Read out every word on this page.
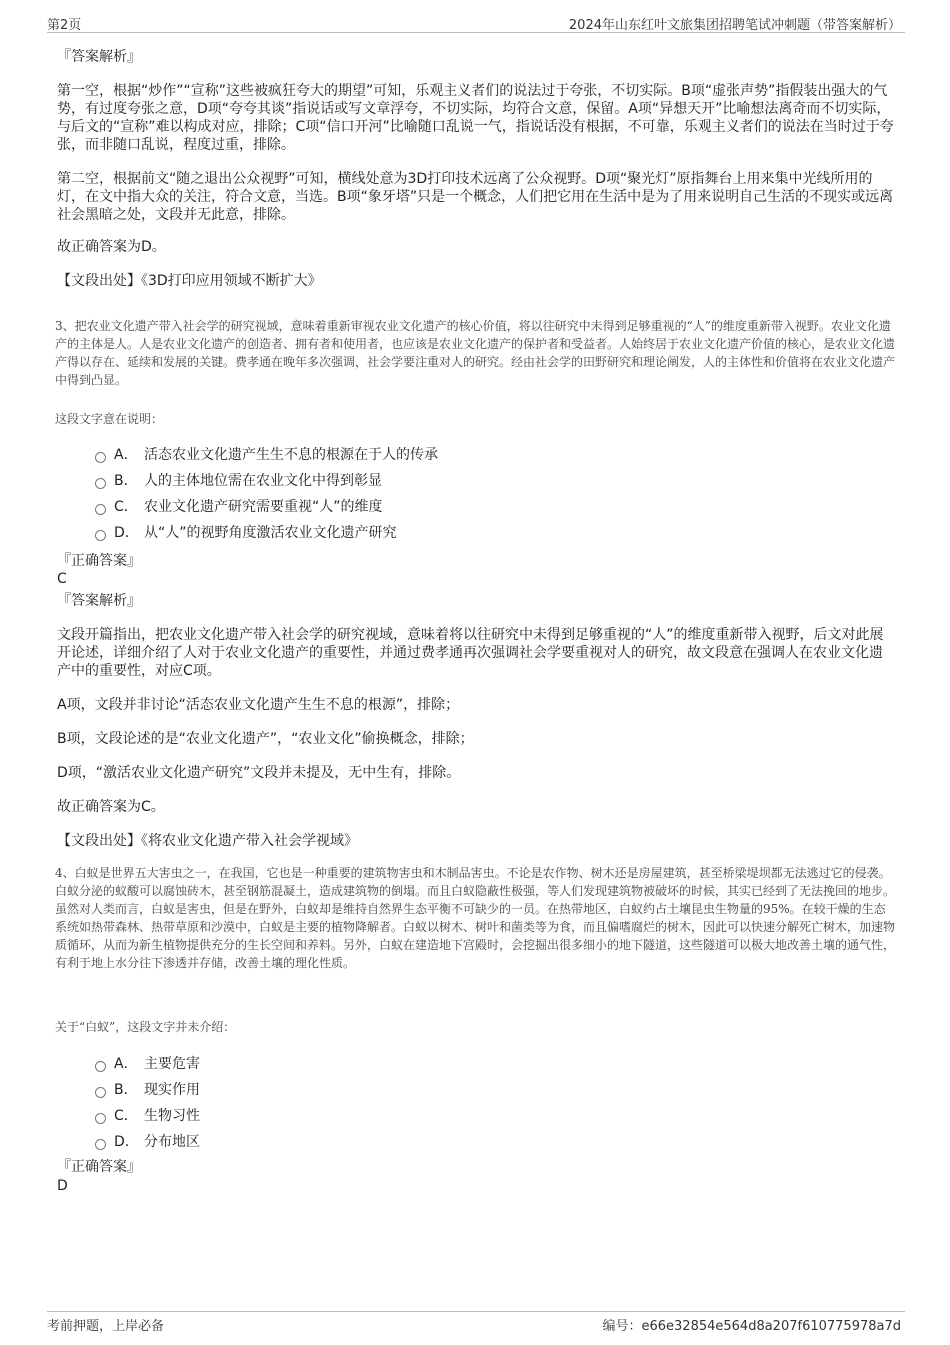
第2页	2024年山东红叶文旅集团招聘笔试冲刺题（带答案解析）

『答案解析』

第一空，根据“炒作”“宣称”这些被疯狂夸大的期望”可知，乐观主义者们的说法过于夸张，不切实际。B项“虚张声势”指假装出强大的气势，有过度夸张之意，D项“夸夸其谈”指说话或写文章浮夸，不切实际，均符合文意，保留。A项“异想天开”比喻想法离奇而不切实际，与后文的“宣称”难以构成对应，排除；C项“信口开河”比喻随口乱说一气，指说话没有根据，不可靠，乐观主义者们的说法在当时过于夸张，而非随口乱说，程度过重，排除。

第二空，根据前文“随之退出公众视野”可知，横线处意为3D打印技术远离了公众视野。D项“聚光灯”原指舞台上用来集中光线所用的灯，在文中指大众的关注，符合文意，当选。B项“象牙塔”只是一个概念，人们把它用在生活中是为了用来说明自己生活的不现实或远离社会黑暗之处，文段并无此意，排除。

故正确答案为D。

【文段出处】《3D打印应用领域不断扩大》

3、把农业文化遗产带入社会学的研究视域，意味着重新审视农业文化遗产的核心价值，将以往研究中未得到足够重视的“人”的维度重新带入视野。农业文化遗产的主体是人。人是农业文化遗产的创造者、拥有者和使用者，也应该是农业文化遗产的保护者和受益者。人始终居于农业文化遗产价值的核心，是农业文化遗产得以存在、延续和发展的关键。费孝通在晚年多次强调，社会学要注重对人的研究。经由社会学的田野研究和理论阐发，人的主体性和价值将在农业文化遗产中得到凸显。

这段文字意在说明：

A． 活态农业文化遗产生生不息的根源在于人的传承
B． 人的主体地位需在农业文化中得到彰显
C． 农业文化遗产研究需要重视“人”的维度
D． 从“人”的视野角度激活农业文化遗产研究
『正确答案』
C
『答案解析』

文段开篇指出，把农业文化遗产带入社会学的研究视域，意味着将以往研究中未得到足够重视的“人”的维度重新带入视野，后文对此展开论述，详细介绍了人对于农业文化遗产的重要性，并通过费孝通再次强调社会学要重视对人的研究，故文段意在强调人在农业文化遗产中的重要性，对应C项。

A项，文段并非讨论“活态农业文化遗产生生不息的根源”，排除；

B项，文段论述的是“农业文化遗产”，“农业文化”偷换概念，排除；

D项，“激活农业文化遗产研究”文段并未提及，无中生有，排除。

故正确答案为C。

【文段出处】《将农业文化遗产带入社会学视域》

4、白蚁是世界五大害虫之一，在我国，它也是一种重要的建筑物害虫和木制品害虫。不论是农作物、树木还是房屋建筑，甚至桥梁堤坝都无法逃过它的侵袭。白蚁分泌的蚁酸可以腐蚀砖木，甚至钢筋混凝土，造成建筑物的倒塌。而且白蚁隐蔽性极强，等人们发现建筑物被破坏的时候，其实已经到了无法挽回的地步。虽然对人类而言，白蚁是害虫，但是在野外，白蚁却是维持自然界生态平衡不可缺少的一员。在热带地区，白蚁约占土壤昆虫生物量的95%。在较干燥的生态系统如热带森林、热带草原和沙漠中，白蚁是主要的植物降解者。白蚁以树木、树叶和菌类等为食，而且偏嗜腐烂的树木，因此可以快速分解死亡树木，加速物质循环，从而为新生植物提供充分的生长空间和养料。另外，白蚁在建造地下宫殿时，会挖掘出很多细小的地下隧道，这些隧道可以极大地改善土壤的通气性，有利于地上水分往下渗透并存储，改善土壤的理化性质。

关于“白蚁”，这段文字并未介绍：

A． 主要危害
B． 现实作用
C． 生物习性
D． 分布地区
『正确答案』
D
考前押题，上岸必备	编号：e66e32854e564d8a207f610775978a7d
